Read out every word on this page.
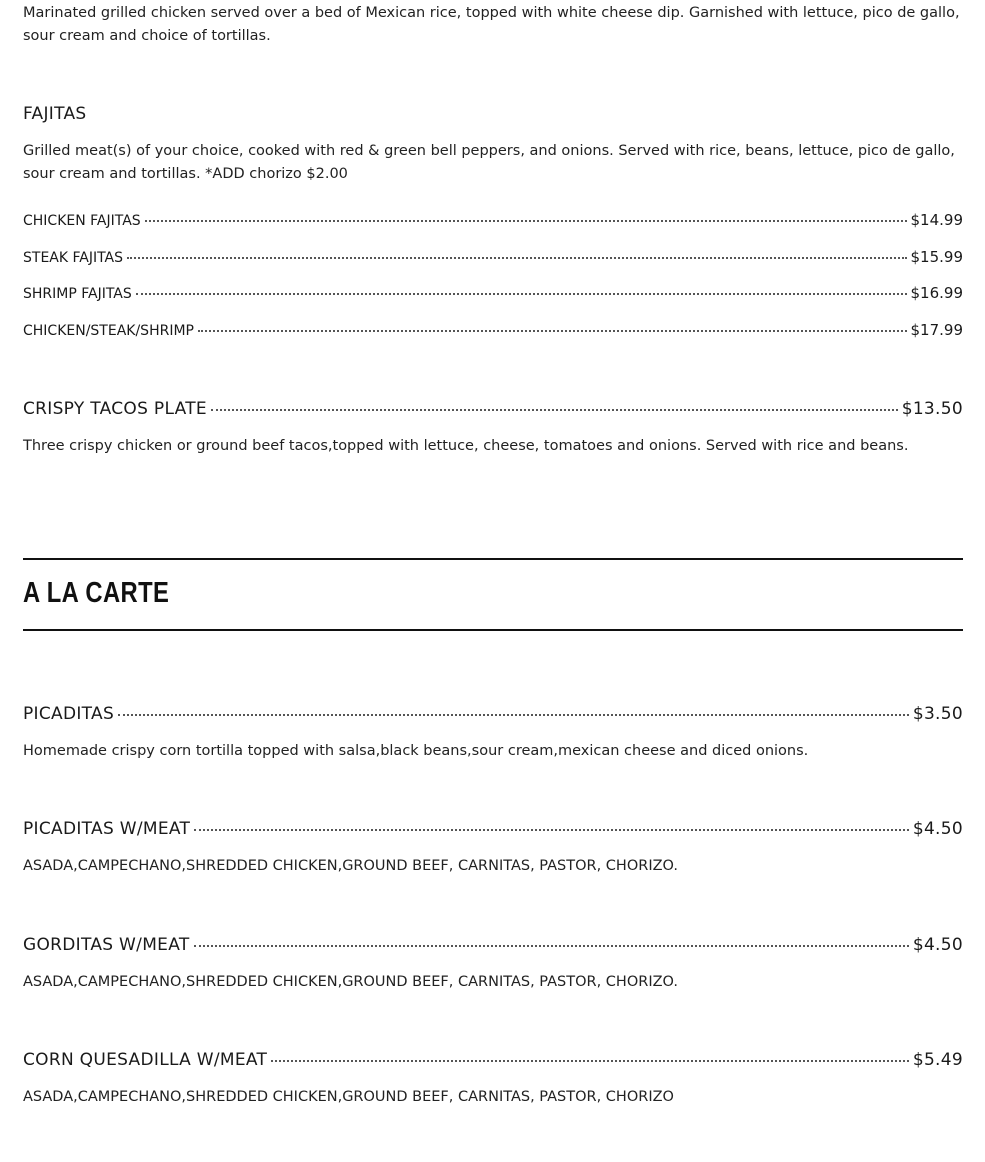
Marinated grilled chicken served over a bed of Mexican rice, topped with white cheese dip. Garnished with lettuce, pico de gallo, sour cream and choice of tortillas.

FAJITAS

Grilled meat(s) of your choice, cooked with red & green bell peppers, and onions. Served with rice, beans, lettuce, pico de gallo, sour cream and tortillas. *ADD chorizo $2.00

CHICKEN FAJITAS	$14.99
STEAK FAJITAS	$15.99
SHRIMP FAJITAS	$16.99
CHICKEN/STEAK/SHRIMP	$17.99
CRISPY TACOS PLATE	$13.50

Three crispy chicken or ground beef tacos,topped with lettuce, cheese, tomatoes and onions. Served with rice and beans.

A LA CARTE
PICADITAS	$3.50

Homemade crispy corn tortilla topped with salsa,black beans,sour cream,mexican cheese and diced onions.

PICADITAS W/MEAT	$4.50

ASADA,CAMPECHANO,SHREDDED CHICKEN,GROUND BEEF, CARNITAS, PASTOR, CHORIZO.

GORDITAS W/MEAT	$4.50

ASADA,CAMPECHANO,SHREDDED CHICKEN,GROUND BEEF, CARNITAS, PASTOR, CHORIZO.

CORN QUESADILLA W/MEAT	$5.49

ASADA,CAMPECHANO,SHREDDED CHICKEN,GROUND BEEF, CARNITAS, PASTOR, CHORIZO
